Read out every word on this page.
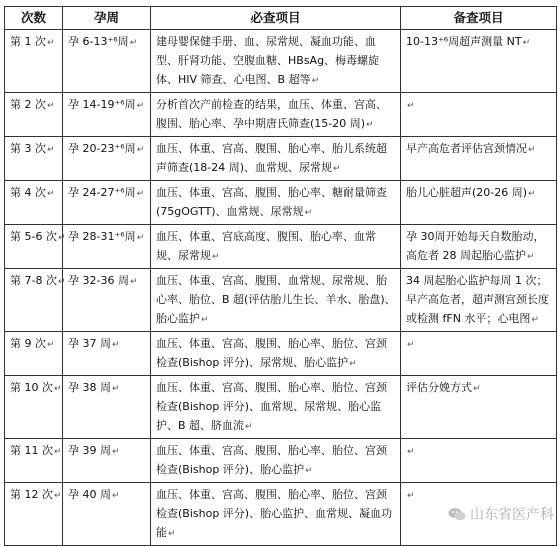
次数	孕周	必查项目	备查项目
第 1 次↵	孕 6-13⁺⁶周↵	建母婴保健手册、血、尿常规、凝血功能、血型、肝肾功能、空腹血糖、HBsAg、梅毒螺旋体、HIV 筛查、心电图、B 超等↵	10-13⁺⁶周超声测量 NT↵
第 2 次↵	孕 14-19⁺⁶周↵	分析首次产前检查的结果，血压、体重、宫高、腹围、胎心率、孕中期唐氏筛查(15-20 周)↵	↵
第 3 次↵	孕 20-23⁺⁶周↵	血压、体重、宫高、腹围、胎心率、胎儿系统超声筛查(18-24 周)、血常规、尿常规↵	早产高危者评估宫颈情况↵
第 4 次↵	孕 24-27⁺⁶周↵	血压、体重、宫高、腹围、胎心率、糖耐量筛查(75gOGTT)、血常规、尿常规↵	胎儿心脏超声(20-26 周)↵
第 5-6 次↵	孕 28-31⁺⁶周↵	血压、体重、宫底高度、腹围、胎心率、血常规、尿常规↵	孕 30周开始每天自数胎动，高危者 28 周起胎心监护↵
第 7-8 次↵	孕 32-36 周↵	血压、体重、宫高、腹围、血常规、尿常规、胎心率、胎位、B 超(评估胎儿生长、羊水、胎盘)、胎心监护↵	34 周起胎心监护每周 1 次；早产高危者，超声测宫颈长度或检测 fFN 水平；心电图↵
第 9 次↵	孕 37 周↵	血压、体重、宫高、腹围、胎心率、胎位、宫颈检查(Bishop 评分)、尿常规、胎心监护↵	↵
第 10 次↵	孕 38 周↵	血压、体重、宫高、腹围、胎心率、胎位、宫颈检查(Bishop 评分)、血常规、尿常规、胎心监护、B 超、脐血流↵	评估分娩方式↵
第 11 次↵	孕 39 周↵	血压、体重、宫高、腹围、胎心率、胎位、宫颈检查(Bishop 评分)、胎心监护↵	↵
第 12 次↵	孕 40 周↵	血压、体重、宫高、腹围、胎心率、胎位、宫颈检查(Bishop 评分)、胎心监护、血常规、凝血功能↵	↵
山东省医产科
